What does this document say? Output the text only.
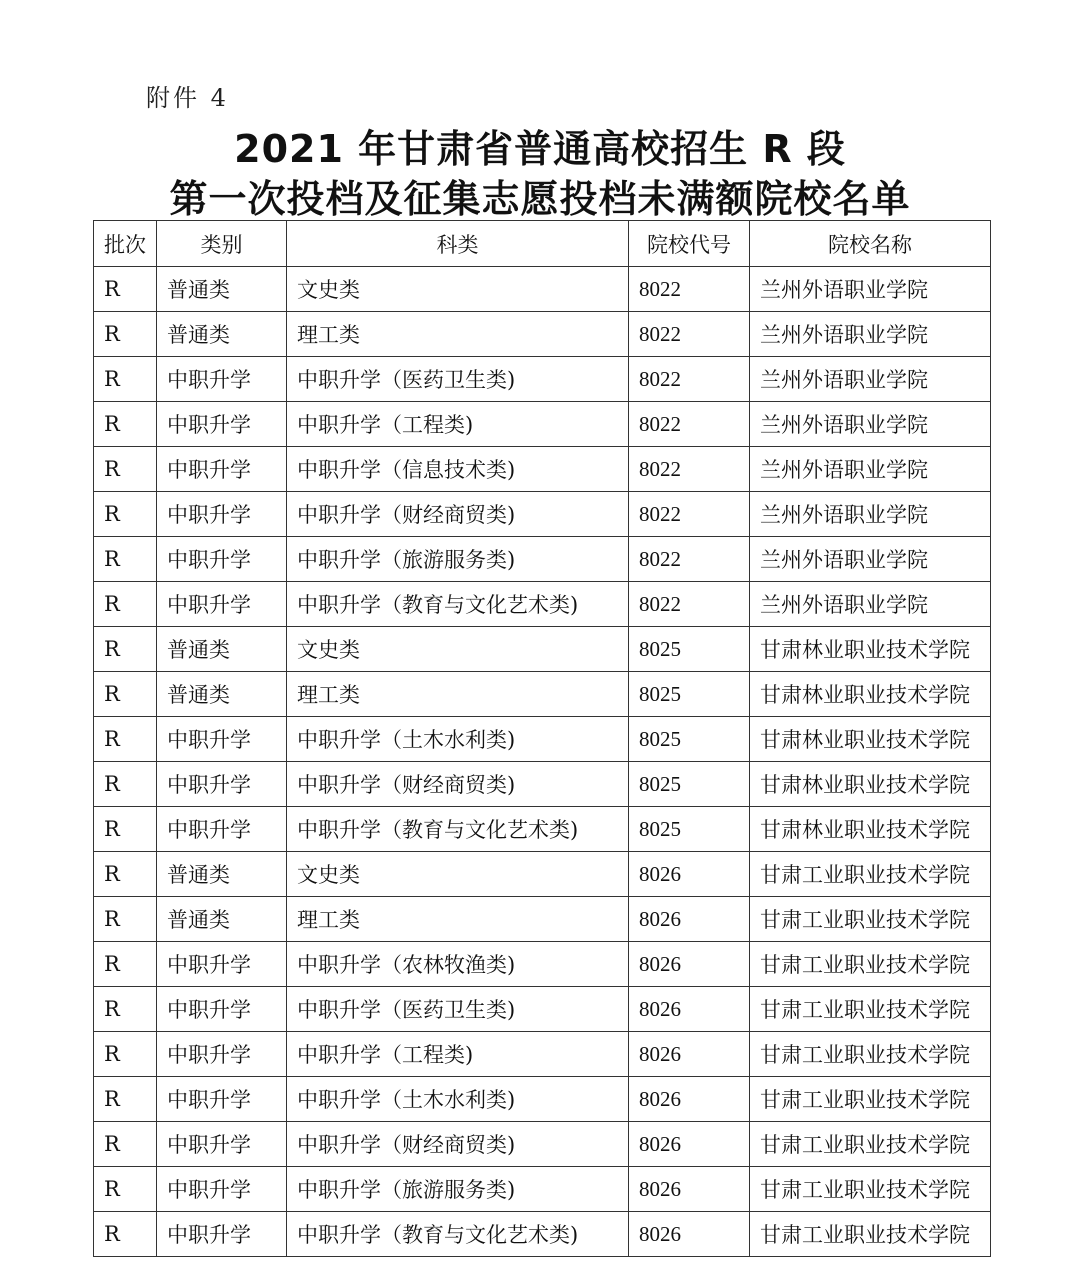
附件 4
2021 年甘肃省普通高校招生 R 段
第一次投档及征集志愿投档未满额院校名单
批次	类别	科类	院校代号	院校名称
R	普通类	文史类	8022	兰州外语职业学院
R	普通类	理工类	8022	兰州外语职业学院
R	中职升学	中职升学（医药卫生类)	8022	兰州外语职业学院
R	中职升学	中职升学（工程类)	8022	兰州外语职业学院
R	中职升学	中职升学（信息技术类)	8022	兰州外语职业学院
R	中职升学	中职升学（财经商贸类)	8022	兰州外语职业学院
R	中职升学	中职升学（旅游服务类)	8022	兰州外语职业学院
R	中职升学	中职升学（教育与文化艺术类)	8022	兰州外语职业学院
R	普通类	文史类	8025	甘肃林业职业技术学院
R	普通类	理工类	8025	甘肃林业职业技术学院
R	中职升学	中职升学（土木水利类)	8025	甘肃林业职业技术学院
R	中职升学	中职升学（财经商贸类)	8025	甘肃林业职业技术学院
R	中职升学	中职升学（教育与文化艺术类)	8025	甘肃林业职业技术学院
R	普通类	文史类	8026	甘肃工业职业技术学院
R	普通类	理工类	8026	甘肃工业职业技术学院
R	中职升学	中职升学（农林牧渔类)	8026	甘肃工业职业技术学院
R	中职升学	中职升学（医药卫生类)	8026	甘肃工业职业技术学院
R	中职升学	中职升学（工程类)	8026	甘肃工业职业技术学院
R	中职升学	中职升学（土木水利类)	8026	甘肃工业职业技术学院
R	中职升学	中职升学（财经商贸类)	8026	甘肃工业职业技术学院
R	中职升学	中职升学（旅游服务类)	8026	甘肃工业职业技术学院
R	中职升学	中职升学（教育与文化艺术类)	8026	甘肃工业职业技术学院
